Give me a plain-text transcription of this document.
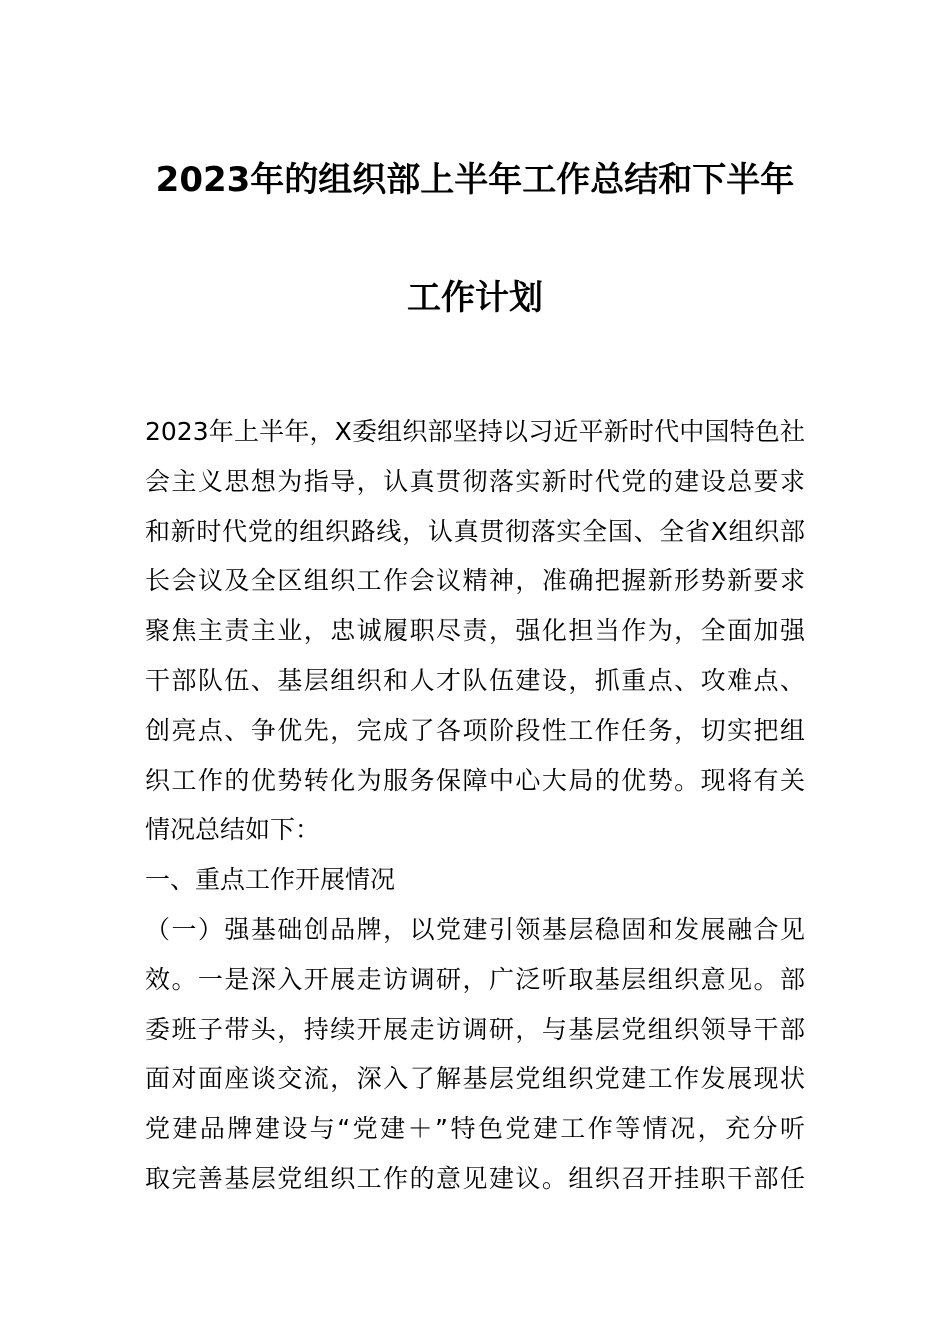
2023年的组织部上半年工作总结和下半年
工作计划
2023年上半年，X委组织部坚持以习近平新时代中国特色社
会主义思想为指导，认真贯彻落实新时代党的建设总要求
和新时代党的组织路线，认真贯彻落实全国、全省X组织部
长会议及全区组织工作会议精神，准确把握新形势新要求
聚焦主责主业，忠诚履职尽责，强化担当作为，全面加强
干部队伍、基层组织和人才队伍建设，抓重点、攻难点、
创亮点、争优先，完成了各项阶段性工作任务，切实把组
织工作的优势转化为服务保障中心大局的优势。现将有关
情况总结如下：
一、重点工作开展情况
（一）强基础创品牌，以党建引领基层稳固和发展融合见
效。一是深入开展走访调研，广泛听取基层组织意见。部
委班子带头，持续开展走访调研，与基层党组织领导干部
面对面座谈交流，深入了解基层党组织党建工作发展现状
党建品牌建设与“党建＋”特色党建工作等情况，充分听
取完善基层党组织工作的意见建议。组织召开挂职干部任
